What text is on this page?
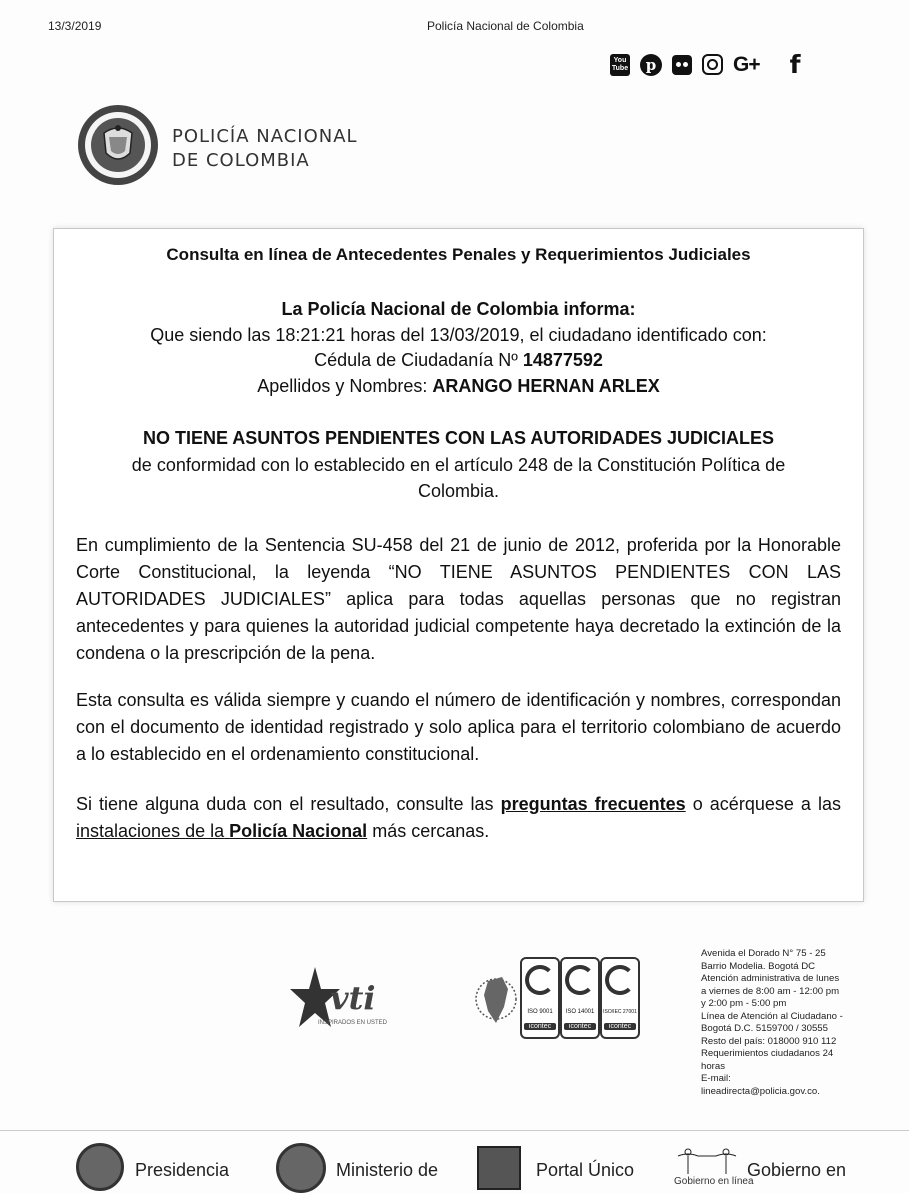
13/3/2019	Policía Nacional de Colombia
You
Tube	p	G+ f
POLICÍA NACIONAL
DE COLOMBIA
Consulta en línea de Antecedentes Penales y Requerimientos Judiciales
La Policía Nacional de Colombia informa:
Que siendo las 18:21:21 horas del 13/03/2019, el ciudadano identificado con:
Cédula de Ciudadanía Nº 14877592
Apellidos y Nombres: ARANGO HERNAN ARLEX
NO TIENE ASUNTOS PENDIENTES CON LAS AUTORIDADES JUDICIALES
de conformidad con lo establecido en el artículo 248 de la Constitución Política de
Colombia.
En cumplimiento de la Sentencia SU-458 del 21 de junio de 2012, proferida por la Honorable Corte Constitucional, la leyenda “NO TIENE ASUNTOS PENDIENTES CON LAS AUTORIDADES JUDICIALES” aplica para todas aquellas personas que no registran antecedentes y para quienes la autoridad judicial competente haya decretado la extinción de la condena o la prescripción de la pena.
Esta consulta es válida siempre y cuando el número de identificación y nombres, correspondan con el documento de identidad registrado y solo aplica para el territorio colombiano de acuerdo a lo establecido en el ordenamiento constitucional.
Si tiene alguna duda con el resultado, consulte las preguntas frecuentes o acérquese a las instalaciones de la Policía Nacional más cercanas.
vti
INSPIRADOS EN USTED
ISO 9001
icontec
ISO 14001
icontec
ISO/IEC 27001
icontec
Avenida el Dorado N° 75 - 25
Barrio Modelia. Bogotá DC
Atención administrativa de lunes
a viernes de 8:00 am - 12:00 pm
y 2:00 pm - 5:00 pm
Línea de Atención al Ciudadano -
Bogotá D.C. 5159700 / 30555
Resto del país: 018000 910 112
Requerimientos ciudadanos 24
horas
E-mail:
lineadirecta@policia.gov.co.
Presidencia	Ministerio de	Portal Único
Gobierno en línea
Gobierno en
